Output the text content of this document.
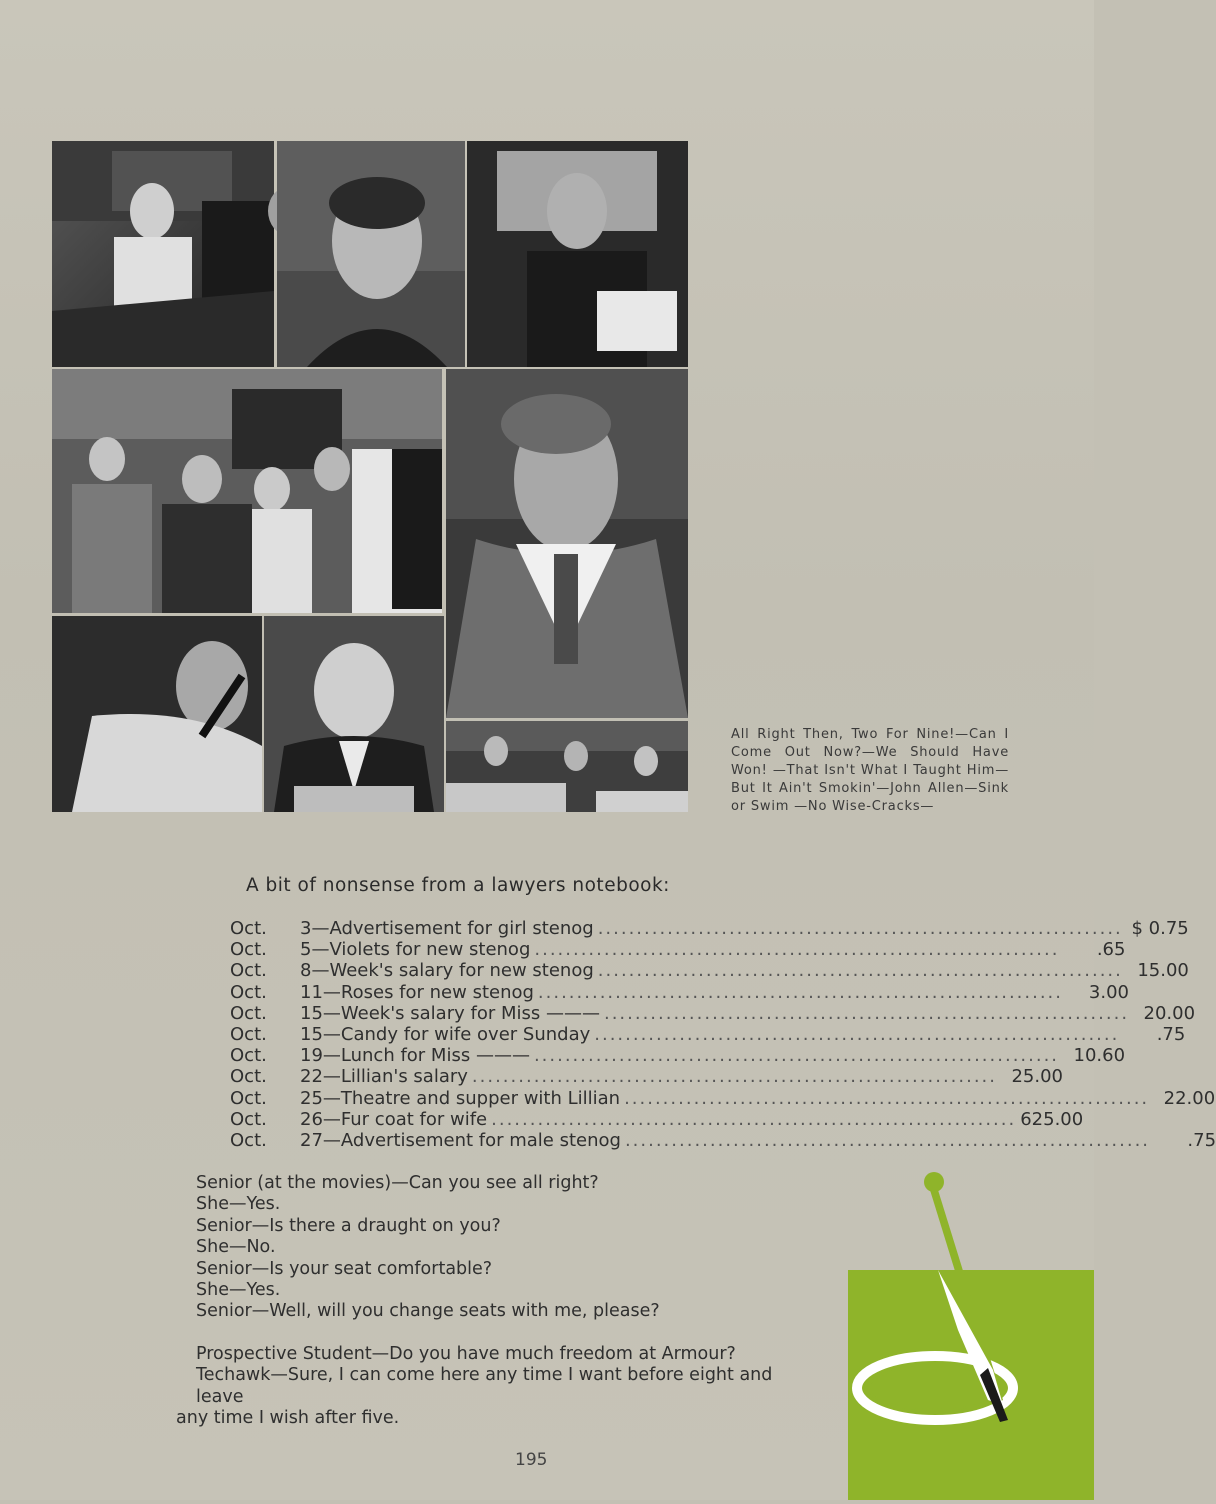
All Right Then, Two For Nine!—Can I Come Out Now?—We Should Have Won! —That Isn't What I Taught Him—But It Ain't Smokin'—John Allen—Sink or Swim —No Wise-Cracks—
A bit of nonsense from a lawyers notebook:
Oct.	3—Advertisement for girl stenog .................................................................... $ 0.75
Oct.	5—Violets for new stenog ....................................................................	.65
Oct.	8—Week's salary for new stenog .................................................................... 15.00
Oct.	11—Roses for new stenog ....................................................................	3.00
Oct.	15—Week's salary for Miss ——— .................................................................... 20.00
Oct.	15—Candy for wife over Sunday ....................................................................	.75
Oct.	19—Lunch for Miss ——— .................................................................... 10.60
Oct.	22—Lillian's salary .................................................................... 25.00
Oct.	25—Theatre and supper with Lillian .................................................................... 22.00
Oct.	26—Fur coat for wife .................................................................... 625.00
Oct.	27—Advertisement for male stenog ....................................................................	.75

Senior (at the movies)—Can you see all right?

She—Yes.

Senior—Is there a draught on you?

She—No.

Senior—Is your seat comfortable?

She—Yes.

Senior—Well, will you change seats with me, please?

Prospective Student—Do you have much freedom at Armour?

Techawk—Sure, I can come here any time I want before eight and leave

any time I wish after five.

195
